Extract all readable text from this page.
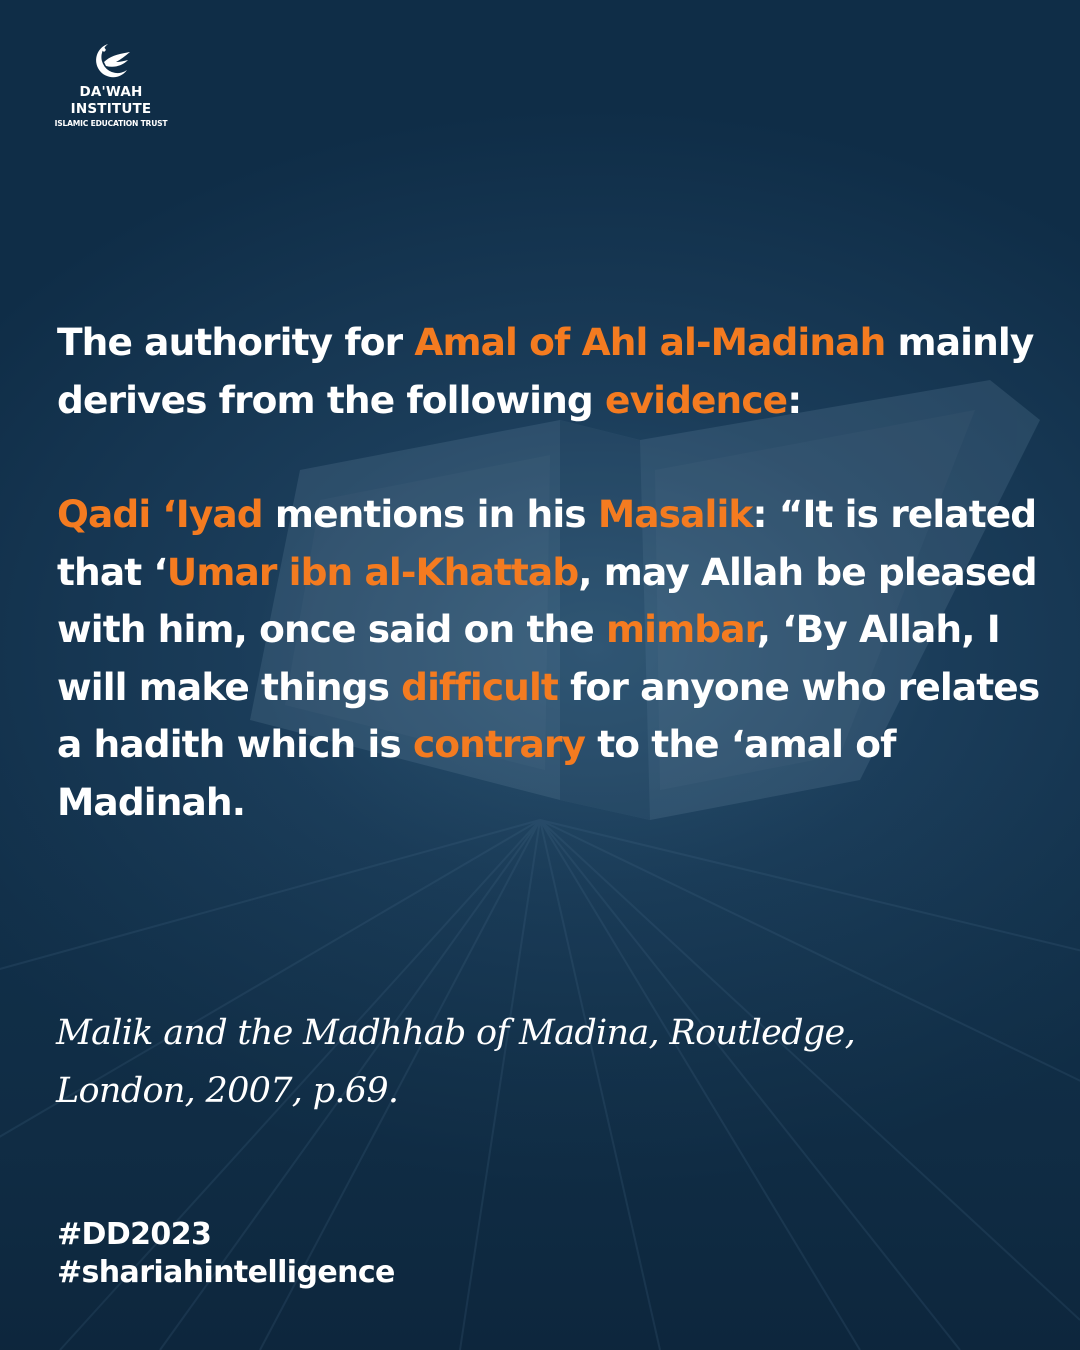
DA'WAH
INSTITUTE
ISLAMIC EDUCATION TRUST

The authority for Amal of Ahl al-Madinah mainly derives from the following evidence:

Qadi ‘Iyad mentions in his Masalik: “It is related that ‘Umar ibn al-Khattab, may Allah be pleased with him, once said on the mimbar, ‘By Allah, I will make things difficult for anyone who relates a hadith which is contrary to the ‘amal of Madinah.

Malik and the Madhhab of Madina, Routledge,
London, 2007, p.69.

#DD2023
#shariahintelligence
